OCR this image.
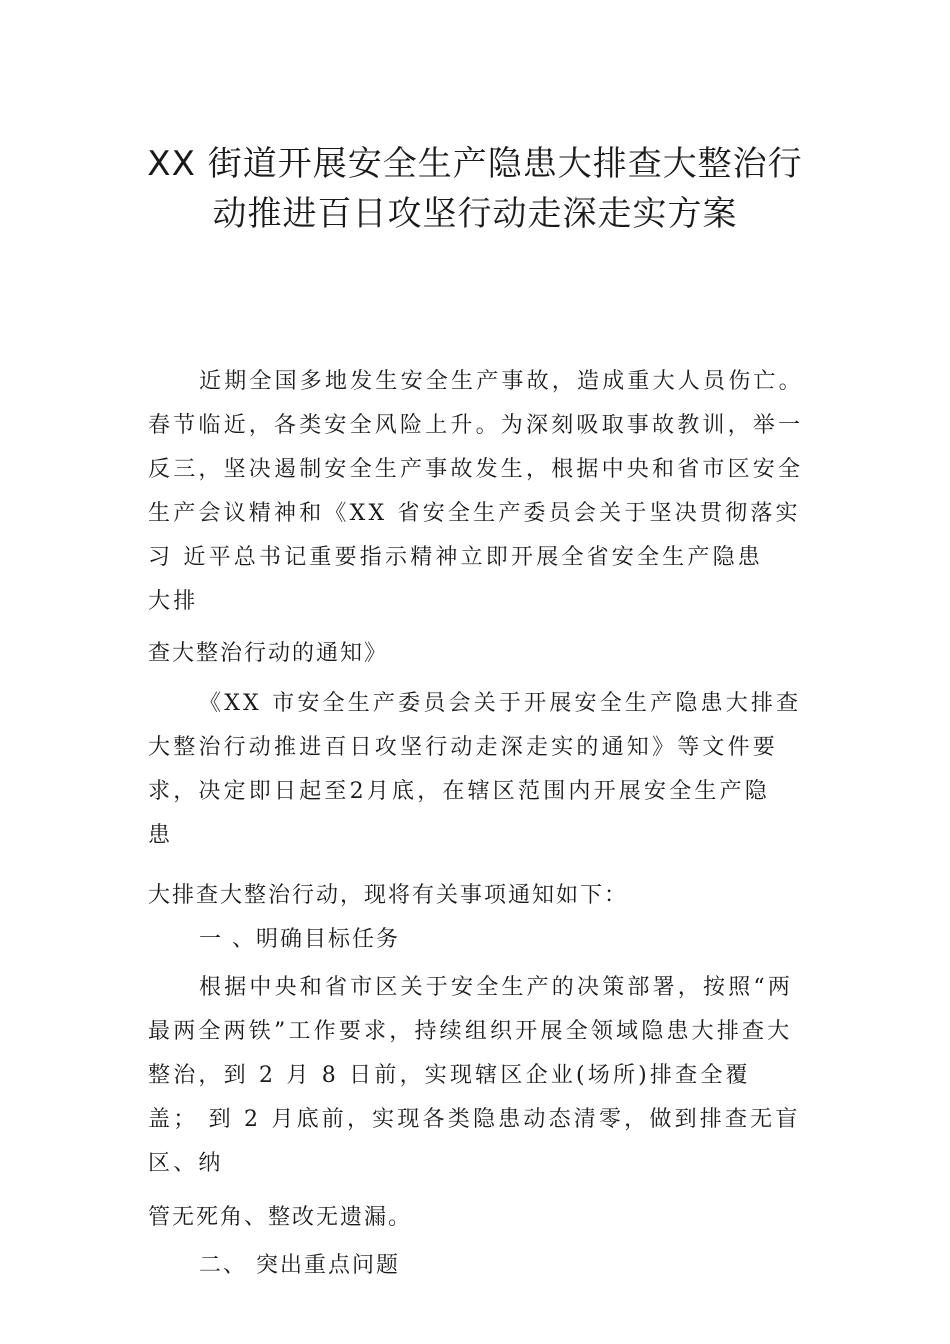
XX 街道开展安全生产隐患大排查大整治行
动推进百日攻坚行动走深走实方案

近期全国多地发生安全生产事故，造成重大人员伤亡。

春节临近，各类安全风险上升。为深刻吸取事故教训，举一

反三，坚决遏制安全生产事故发生，根据中央和省市区安全

生产会议精神和《XX 省安全生产委员会关于坚决贯彻落实

习 近平总书记重要指示精神立即开展全省安全生产隐患

大排

查大整治行动的通知》

《XX 市安全生产委员会关于开展安全生产隐患大排查

大整治行动推进百日攻坚行动走深走实的通知》等文件要

求，决定即日起至2月底，在辖区范围内开展安全生产隐

患

大排查大整治行动，现将有关事项通知如下：

一 、明确目标任务

根据中央和省市区关于安全生产的决策部署，按照“两

最两全两铁”工作要求，持续组织开展全领域隐患大排查大

整治，到 2 月 8 日前，实现辖区企业(场所)排查全覆

盖； 到 2 月底前，实现各类隐患动态清零，做到排查无盲

区、纳

管无死角、整改无遗漏。

二、 突出重点问题
